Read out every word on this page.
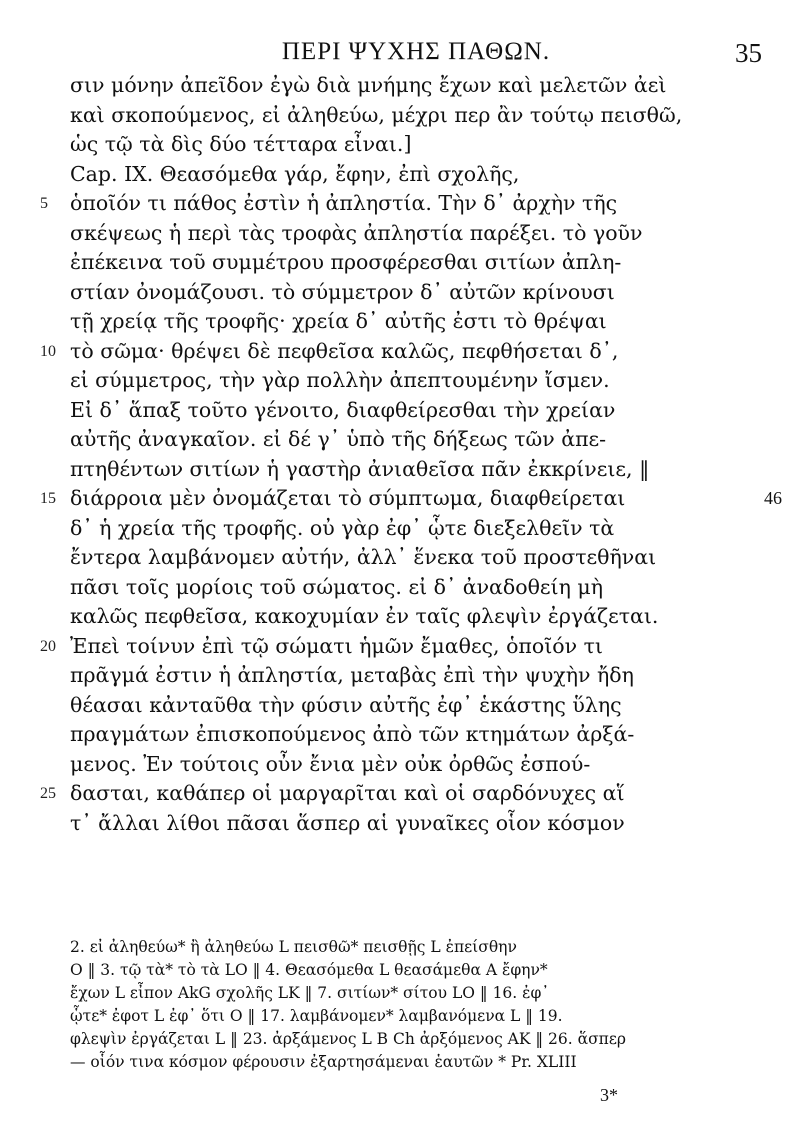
ΠΕΡΙ ΨΥΧΗΣ ΠΑΘΩΝ.	35
σιν μόνην ἀπεῖδον ἐγὼ διὰ μνήμης ἔχων καὶ μελετῶν ἀεὶ
καὶ σκοπούμενος, εἰ ἀληθεύω, μέχρι περ ἂν τούτῳ πεισθῶ,
ὡς τῷ τὰ δὶς δύο τέτταρα εἶναι.]
Cap. IX. Θεασόμεθα γάρ, ἔφην, ἐπὶ σχολῆς,
5	ὁποῖόν τι πάθος ἐστὶν ἡ ἀπληστία. Τὴν δ᾽ ἀρχὴν τῆς
σκέψεως ἡ περὶ τὰς τροφὰς ἀπληστία παρέξει. τὸ γοῦν
ἐπέκεινα τοῦ συμμέτρου προσφέρεσθαι σιτίων ἀπλη-
στίαν ὀνομάζουσι. τὸ σύμμετρον δ᾽ αὐτῶν κρίνουσι
τῇ χρείᾳ τῆς τροφῆς· χρεία δ᾽ αὐτῆς ἐστι τὸ θρέψαι
10 τὸ σῶμα· θρέψει δὲ πεφθεῖσα καλῶς, πεφθήσεται δ᾽,
εἰ σύμμετρος, τὴν γὰρ πολλὴν ἀπεπτουμένην ἴσμεν.
Εἰ δ᾽ ἅπαξ τοῦτο γένοιτο, διαφθείρεσθαι τὴν χρείαν
αὐτῆς ἀναγκαῖον. εἰ δέ γ᾽ ὑπὸ τῆς δήξεως τῶν ἀπε-
πτηθέντων σιτίων ἡ γαστὴρ ἀνιαθεῖσα πᾶν ἐκκρίνειε, ‖
15 διάρροια μὲν ὀνομάζεται τὸ σύμπτωμα, διαφθείρεται	46
δ᾽ ἡ χρεία τῆς τροφῆς. οὐ γὰρ ἐφ᾽ ᾧτε διεξελθεῖν τὰ
ἔντερα λαμβάνομεν αὐτήν, ἀλλ᾽ ἕνεκα τοῦ προστεθῆναι
πᾶσι τοῖς μορίοις τοῦ σώματος. εἰ δ᾽ ἀναδοθείη μὴ
καλῶς πεφθεῖσα, κακοχυμίαν ἐν ταῖς φλεψὶν ἐργάζεται.
20 Ἐπεὶ τοίνυν ἐπὶ τῷ σώματι ἡμῶν ἔμαθες, ὁποῖόν τι
πρᾶγμά ἐστιν ἡ ἀπληστία, μεταβὰς ἐπὶ τὴν ψυχὴν ἤδη
θέασαι κἀνταῦθα τὴν φύσιν αὐτῆς ἐφ᾽ ἑκάστης ὕλης
πραγμάτων ἐπισκοπούμενος ἀπὸ τῶν κτημάτων ἀρξά-
μενος. Ἐν τούτοις οὖν ἔνια μὲν οὐκ ὀρθῶς ἐσπού-
25 δασται, καθάπερ οἱ μαργαρῖται καὶ οἱ σαρδόνυχες αἵ
τ᾽ ἄλλαι λίθοι πᾶσαι ἅσπερ αἱ γυναῖκες οἷον κόσμον
2. εἰ ἀληθεύω* ἢ ἀληθεύω L πεισθῶ* πεισθῇς L ἐπείσθην
O ‖ 3. τῷ τὰ* τὸ τὰ LO ‖ 4. Θεασόμεθα L θεασάμεθα A ἔφην*
ἔχων L εἶπον AkG σχολῆς LK ‖ 7. σιτίων* σίτου LO ‖ 16. ἐφ᾽
ᾧτε* ἐφοτ L ἐφ᾽ ὅτι O ‖ 17. λαμβάνομεν* λαμβανόμενα L ‖ 19.
φλεψὶν ἐργάζεται L ‖ 23. ἀρξάμενος L B Ch ἀρξόμενος AK ‖ 26. ἅσπερ
— οἷόν τινα κόσμον φέρουσιν ἐξαρτησάμεναι ἑαυτῶν * Pr. XLIII
3*
